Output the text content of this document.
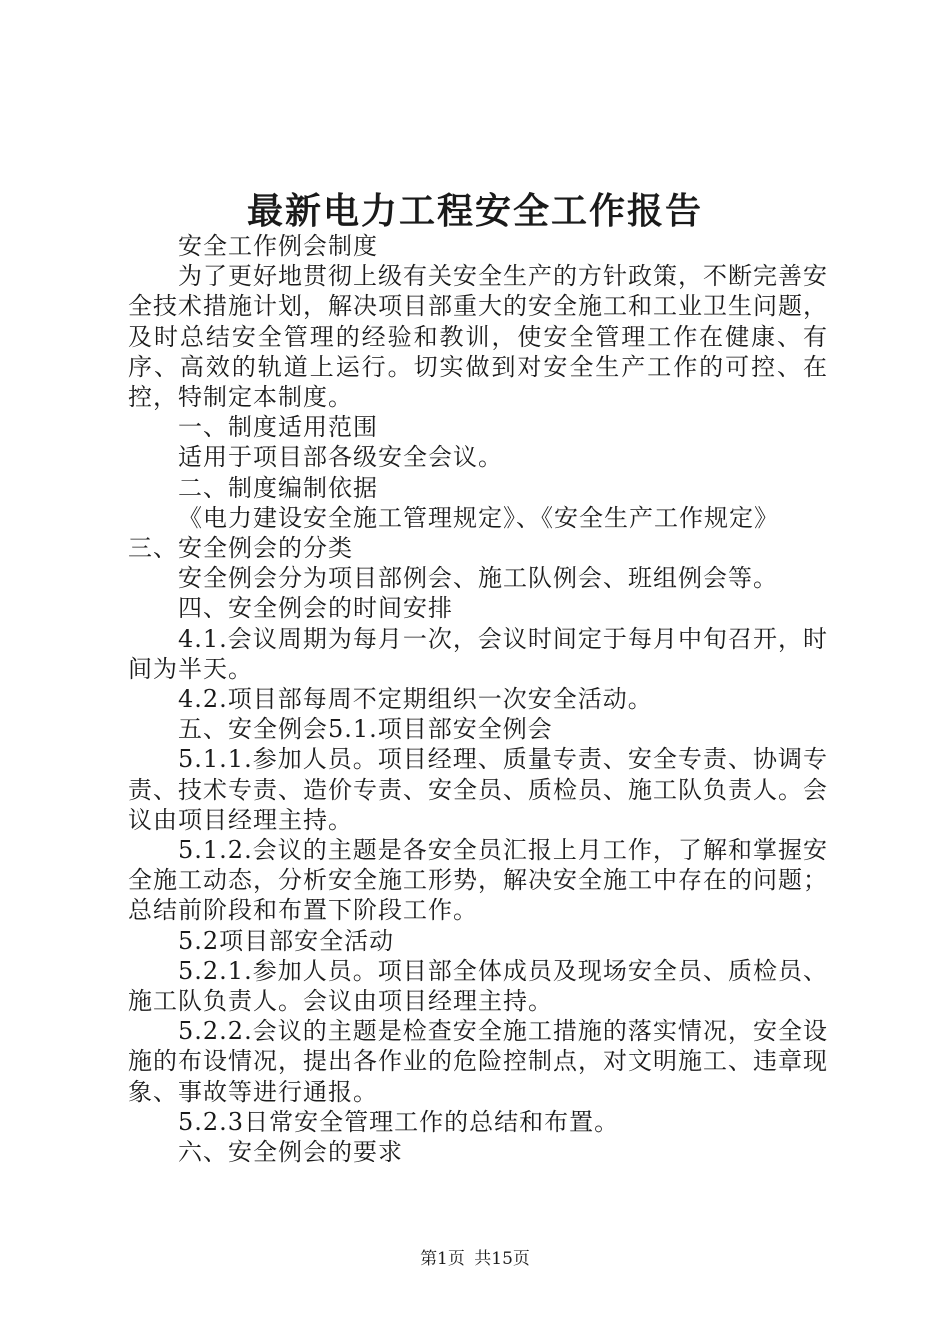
最新电力工程安全工作报告

安全工作例会制度

为了更好地贯彻上级有关安全生产的方针政策，不断完善安全技术措施计划，解决项目部重大的安全施工和工业卫生问题，及时总结安全管理的经验和教训，使安全管理工作在健康、有序、高效的轨道上运行。切实做到对安全生产工作的可控、在控，特制定本制度。

一、制度适用范围

适用于项目部各级安全会议。

二、制度编制依据

《电力建设安全施工管理规定》、《安全生产工作规定》

三、安全例会的分类

安全例会分为项目部例会、施工队例会、班组例会等。

四、安全例会的时间安排

4.1.会议周期为每月一次，会议时间定于每月中旬召开，时间为半天。

4.2.项目部每周不定期组织一次安全活动。

五、安全例会5.1.项目部安全例会

5.1.1.参加人员。项目经理、质量专责、安全专责、协调专责、技术专责、造价专责、安全员、质检员、施工队负责人。会议由项目经理主持。

5.1.2.会议的主题是各安全员汇报上月工作，了解和掌握安全施工动态，分析安全施工形势，解决安全施工中存在的问题；总结前阶段和布置下阶段工作。

5.2项目部安全活动

5.2.1.参加人员。项目部全体成员及现场安全员、质检员、施工队负责人。会议由项目经理主持。

5.2.2.会议的主题是检查安全施工措施的落实情况，安全设施的布设情况，提出各作业的危险控制点，对文明施工、违章现象、事故等进行通报。

5.2.3日常安全管理工作的总结和布置。

六、安全例会的要求

第1页 共15页
